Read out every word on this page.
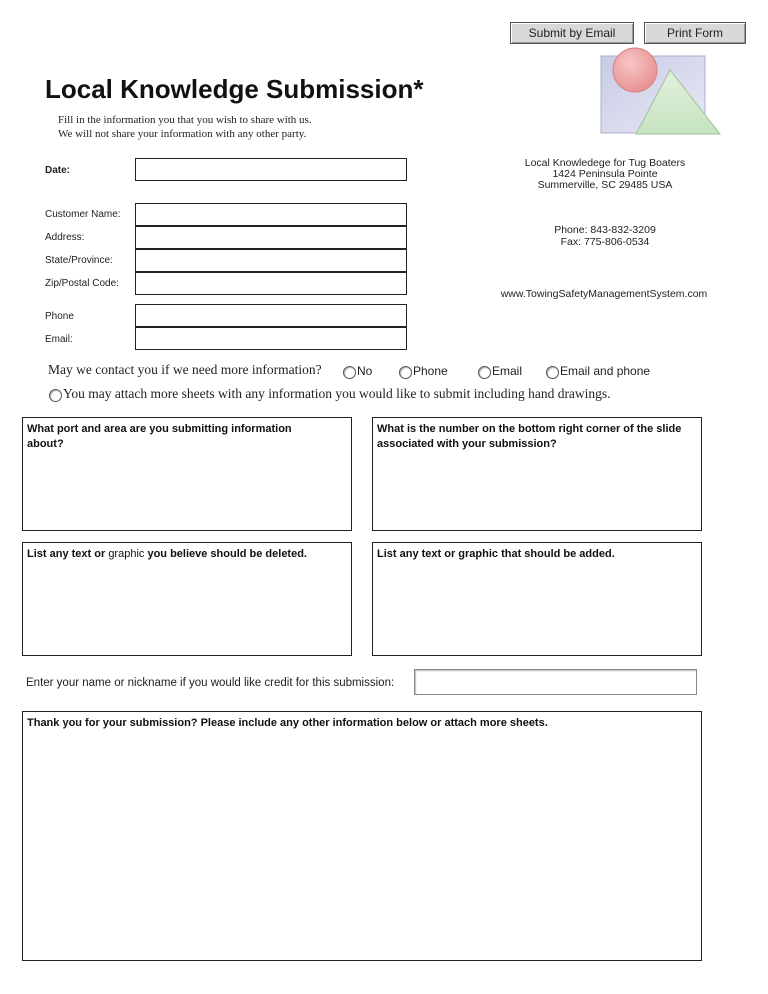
Submit by Email	Print Form
Local Knowledge Submission*
Fill in the information you that you wish to share with us.
We will not share your information with any other party.
Date:
Customer Name:
Address:
State/Province:
Zip/Postal Code:
Phone
Email:
Local Knowledege for Tug Boaters
1424 Peninsula Pointe
Summerville, SC 29485 USA
Phone: 843-832-3209
Fax: 775-806-0534
www.TowingSafetyManagementSystem.com
May we contact you if we need more information?	No	Phone	Email	Email and phone
You may attach more sheets with any information you would like to submit including hand drawings.
What port and area are you submitting information about?
What is the number on the bottom right corner of the slide associated with your submission?
List any text or graphic you believe should be deleted.	List any text or graphic that should be added.
Enter your name or nickname if you would like credit for this submission:
Thank you for your submission? Please include any other information below or attach more sheets.
